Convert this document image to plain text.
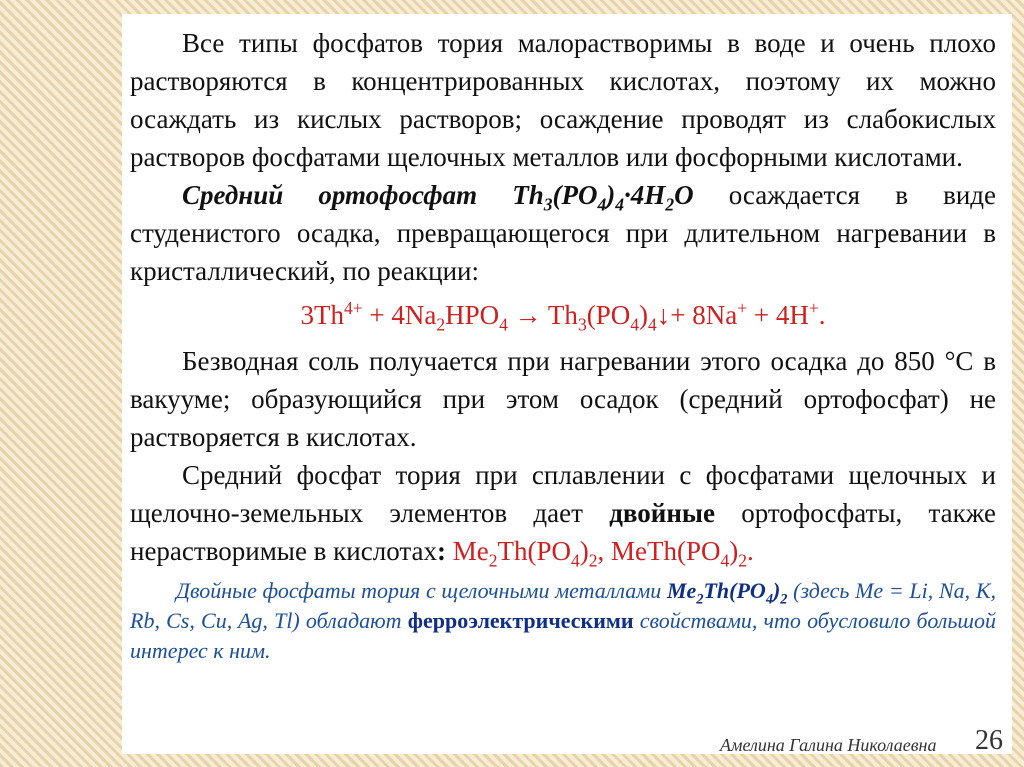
Все типы фосфатов тория малорастворимы в воде и очень плохо растворяются в концентрированных кислотах, поэтому их можно осаждать из кислых растворов; осаждение проводят из слабокислых растворов фосфатами щелочных металлов или фосфорными кислотами.

Средний ортофосфат $Th_3(PO_4)_4\cdot 4H_2O$ осаждается в виде студенистого осадка, превращающегося при длительном нагревании в кристаллический, по реакции:

$3Th^{4+} + 4Na_2HPO_4$ → $Th_3(PO_4)_4↓+ 8Na^+ + 4H^+$.

Безводная соль получается при нагревании этого осадка до 850 °С в вакууме; образующийся при этом осадок (средний ортофосфат) не растворяется в кислотах.

Средний фосфат тория при сплавлении с фосфатами щелочных и щелочно-земельных элементов дает двойные ортофосфаты, также нерастворимые в кислотах: $Me_2Th(PO_4)_2$, $MeTh(PO_4)_2$.

Двойные фосфаты тория с щелочными металлами $Me_2Th(PO_4)_2$ (здесь Me = Li, Na, K, Rb, Cs, Cu, Ag, Tl) обладают ферроэлектрическими свойствами, что обусловило большой интерес к ним.

Амелина Галина Николаевна 26
